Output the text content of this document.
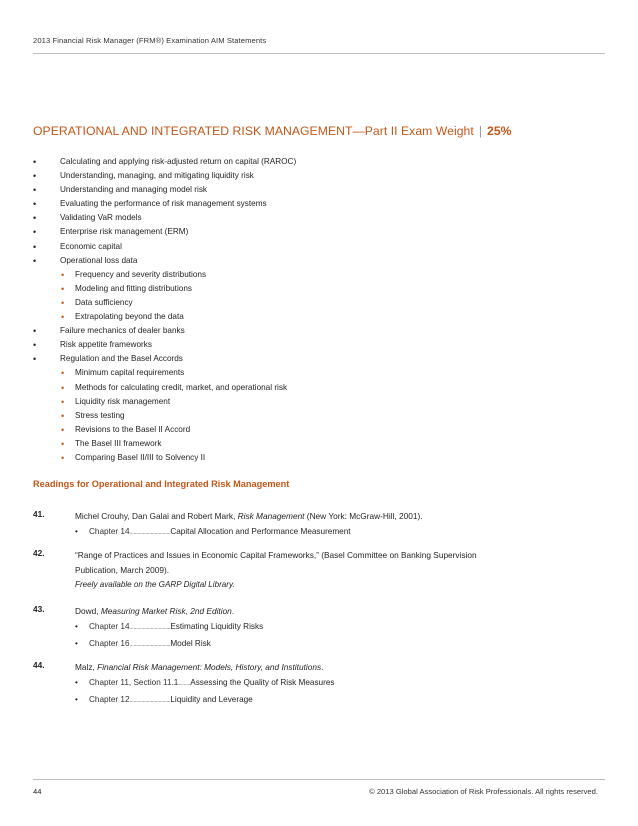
2013 Financial Risk Manager (FRM®) Examination AIM Statements
OPERATIONAL AND INTEGRATED RISK MANAGEMENT—Part II Exam Weight | 25%
•	Calculating and applying risk-adjusted return on capital (RAROC)
•	Understanding, managing, and mitigating liquidity risk
•	Understanding and managing model risk
•	Evaluating the performance of risk management systems
•	Validating VaR models
•	Enterprise risk management (ERM)
•	Economic capital
•	Operational loss data
• Frequency and severity distributions
• Modeling and fitting distributions
• Data sufficiency
• Extrapolating beyond the data
•	Failure mechanics of dealer banks
•	Risk appetite frameworks
•	Regulation and the Basel Accords
• Minimum capital requirements
• Methods for calculating credit, market, and operational risk
• Liquidity risk management
• Stress testing
• Revisions to the Basel II Accord
• The Basel III framework
• Comparing Basel II/III to Solvency II
Readings for Operational and Integrated Risk Management
41.	Michel Crouhy, Dan Galai and Robert Mark, Risk Management (New York: McGraw-Hill, 2001).
• Chapter 14...............................Capital Allocation and Performance Measurement
42.	“Range of Practices and Issues in Economic Capital Frameworks,” (Basel Committee on Banking Supervision
Publication, March 2009).
Freely available on the GARP Digital Library.
43.	Dowd, Measuring Market Risk, 2nd Edition.
• Chapter 14...............................Estimating Liquidity Risks
• Chapter 16...............................Model Risk
44.	Malz, Financial Risk Management: Models, History, and Institutions.
• Chapter 11, Section 11.1.........Assessing the Quality of Risk Measures
• Chapter 12...............................Liquidity and Leverage
44	© 2013 Global Association of Risk Professionals. All rights reserved.
